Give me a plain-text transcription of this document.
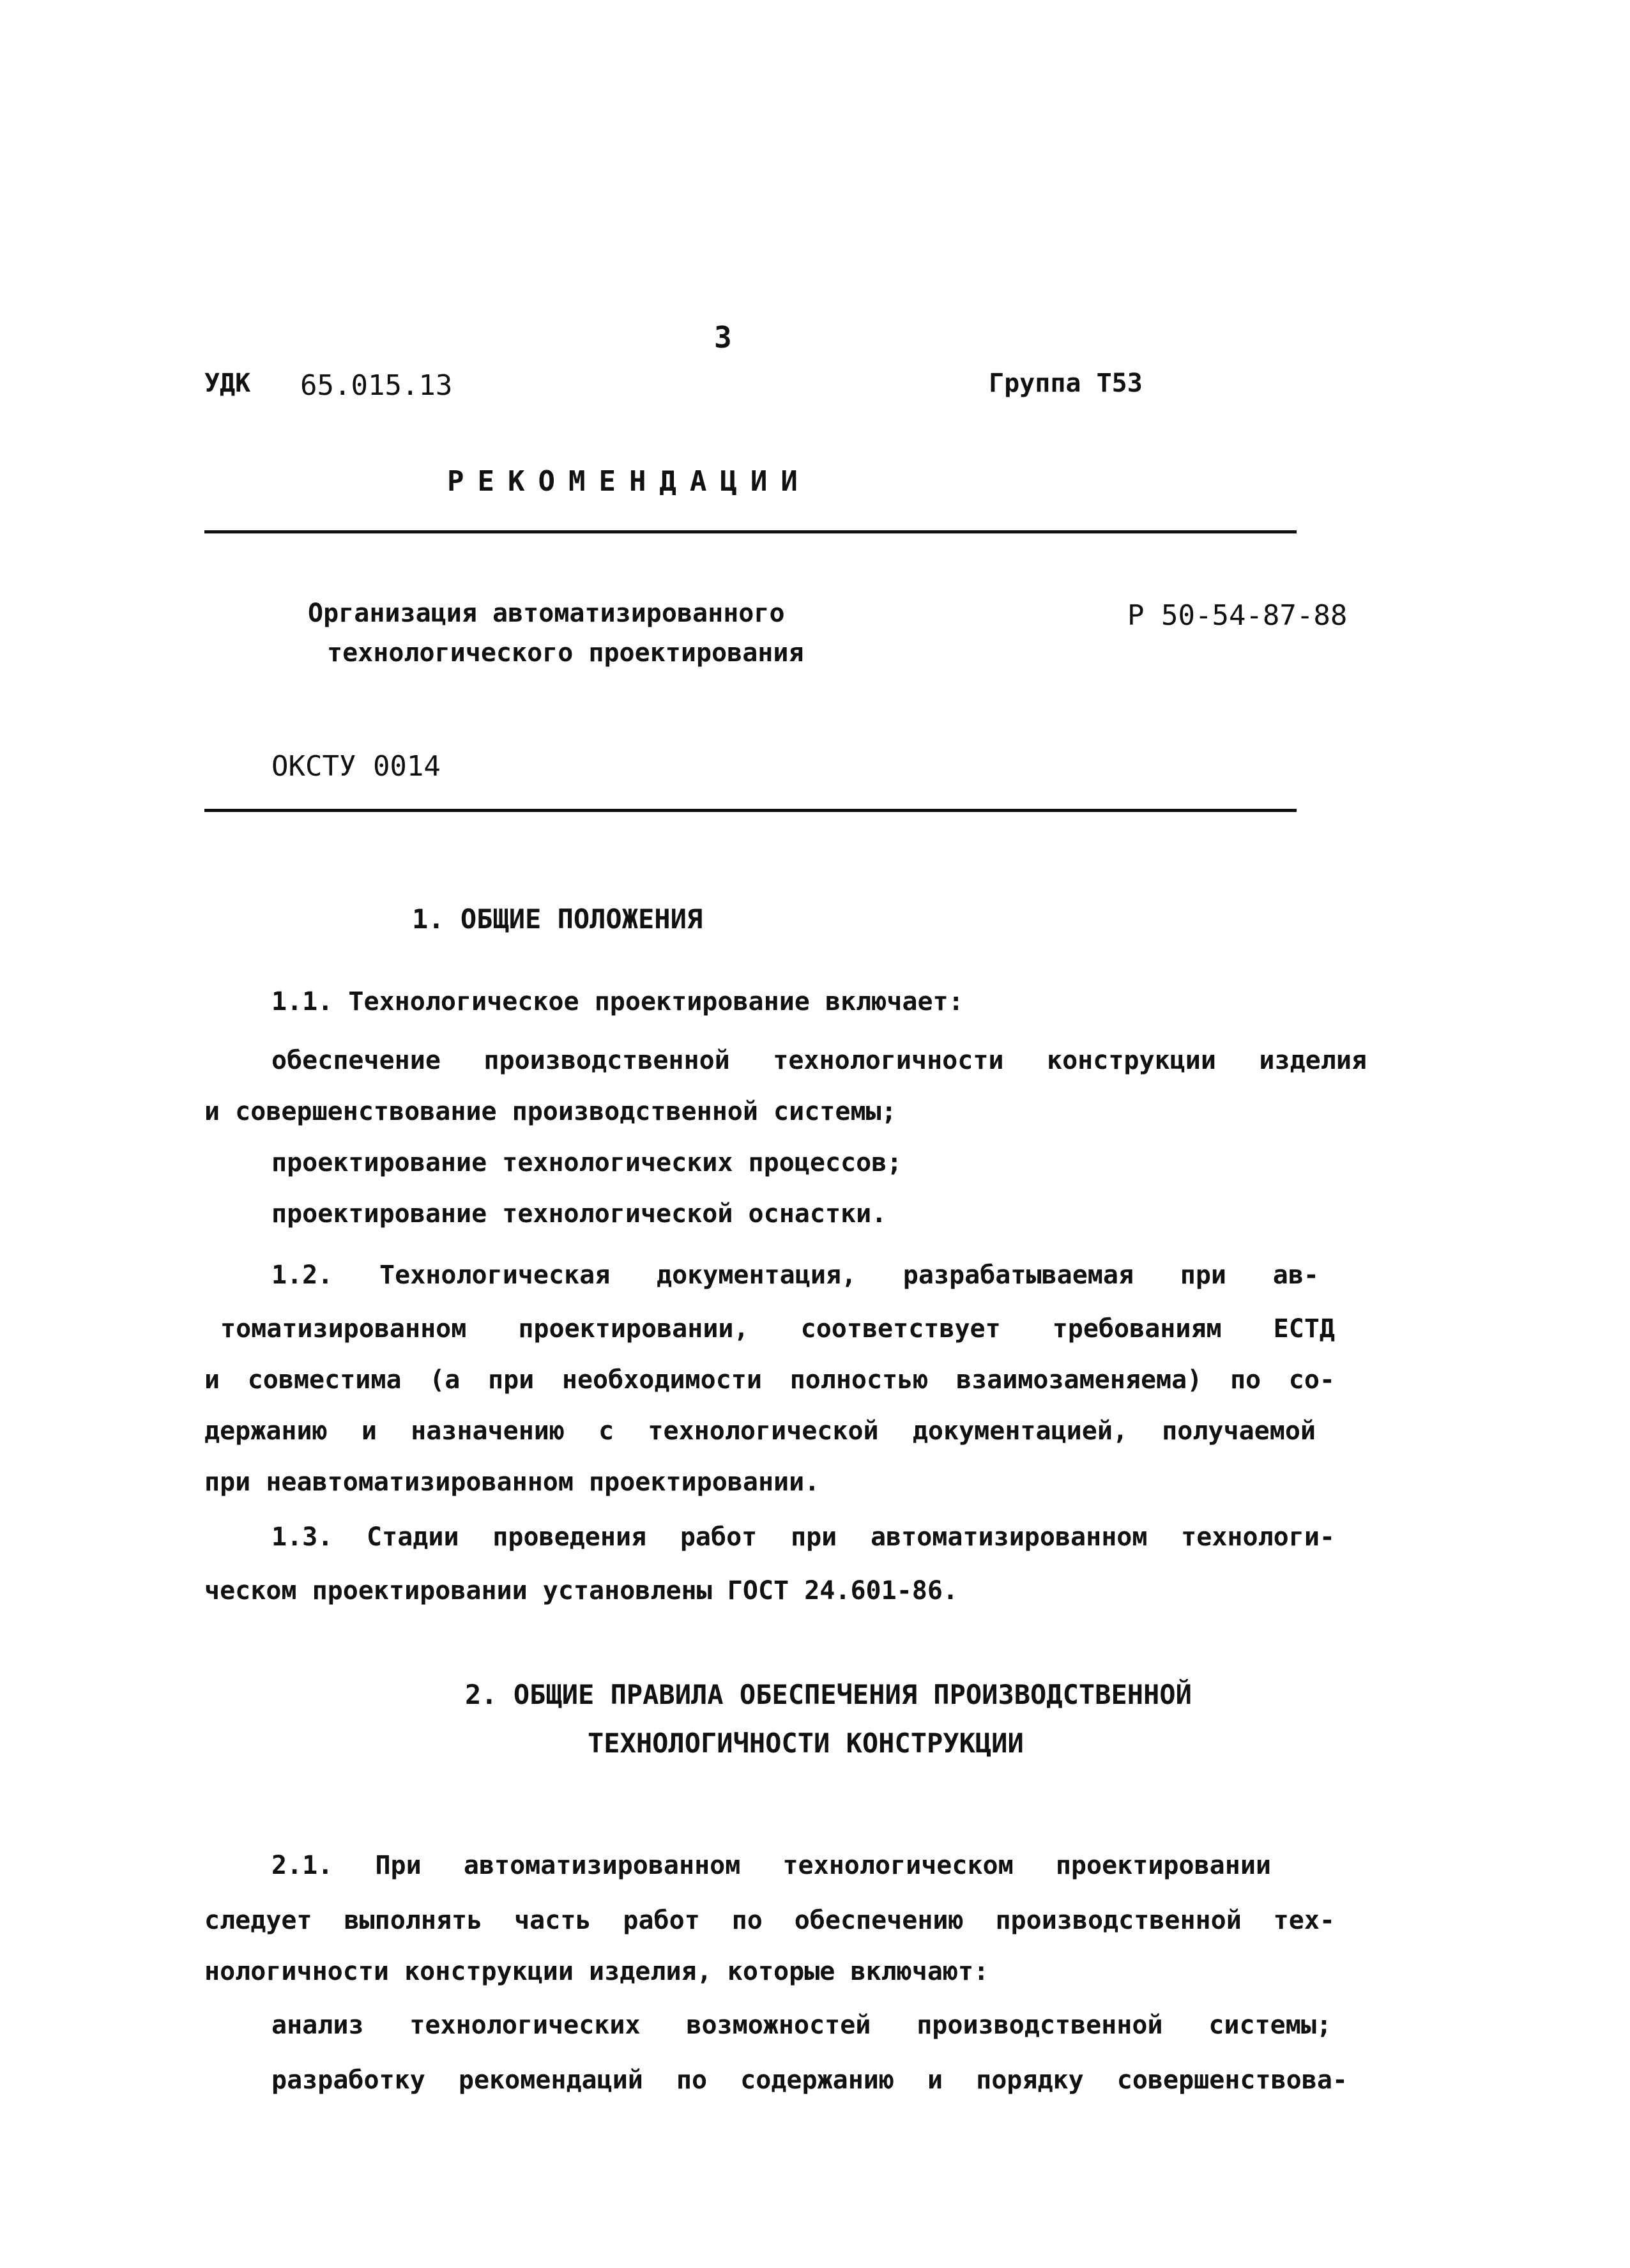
3
УДК 65.015.13	Группа Т53
РЕКОМЕНДАЦИИ
Организация автоматизированного
технологического проектирования
Р 50-54-87-88
ОКСТУ 0014
1. ОБЩИЕ ПОЛОЖЕНИЯ
1.1. Технологическое проектирование включает:
обеспечение производственной технологичности конструкции изделия
и совершенствование производственной системы;
проектирование технологических процессов;
проектирование технологической оснастки.
1.2. Технологическая документация, разрабатываемая при ав-
томатизированном проектировании, соответствует требованиям ЕСТД
и совместима (а при необходимости полностью взаимозаменяема) по со-
держанию и назначению с технологической документацией, получаемой
при неавтоматизированном проектировании.
1.3. Стадии проведения работ при автоматизированном технологи-
ческом проектировании установлены ГОСТ 24.601-86.
2. ОБЩИЕ ПРАВИЛА ОБЕСПЕЧЕНИЯ ПРОИЗВОДСТВЕННОЙ
ТЕХНОЛОГИЧНОСТИ КОНСТРУКЦИИ
2.1. При автоматизированном технологическом проектировании
следует выполнять часть работ по обеспечению производственной тех-
нологичности конструкции изделия, которые включают:
анализ технологических возможностей производственной системы;
разработку рекомендаций по содержанию и порядку совершенствова-
